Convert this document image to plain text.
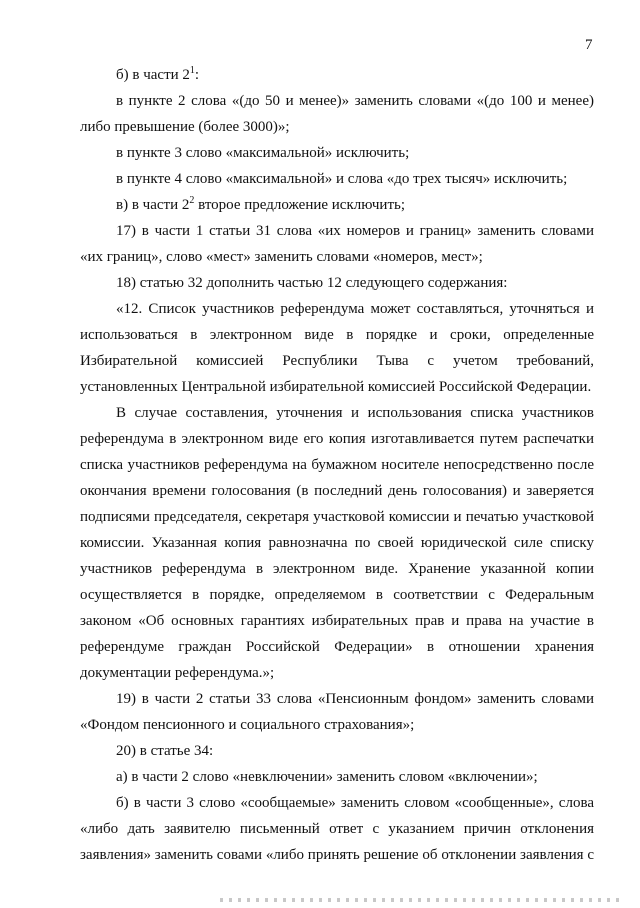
7

б) в части $2^1$:

в пункте 2 слова «(до 50 и менее)» заменить словами «(до 100 и менее) либо превышение (более 3000)»;

в пункте 3 слово «максимальной» исключить;

в пункте 4 слово «максимальной» и слова «до трех тысяч» исключить;

в) в части $2^2$ второе предложение исключить;

17) в части 1 статьи 31 слова «их номеров и границ» заменить словами «их границ», слово «мест» заменить словами «номеров, мест»;

18) статью 32 дополнить частью 12 следующего содержания:

«12. Список участников референдума может составляться, уточняться и использоваться в электронном виде в порядке и сроки, определенные Избирательной комиссией Республики Тыва с учетом требований, установленных Центральной избирательной комиссией Российской Федерации.

В случае составления, уточнения и использования списка участников референдума в электронном виде его копия изготавливается путем распечатки списка участников референдума на бумажном носителе непосредственно после окончания времени голосования (в последний день голосования) и заверяется подписями председателя, секретаря участковой комиссии и печатью участковой комиссии. Указанная копия равнозначна по своей юридической силе списку участников референдума в электронном виде. Хранение указанной копии осуществляется в порядке, определяемом в соответствии с Федеральным законом «Об основных гарантиях избирательных прав и права на участие в референдуме граждан Российской Федерации» в отношении хранения документации референдума.»;

19) в части 2 статьи 33 слова «Пенсионным фондом» заменить словами «Фондом пенсионного и социального страхования»;

20) в статье 34:

а) в части 2 слово «невключении» заменить словом «включении»;

б) в части 3 слово «сообщаемые» заменить словом «сообщенные», слова «либо дать заявителю письменный ответ с указанием причин отклонения заявления» заменить совами «либо принять решение об отклонении заявления с
